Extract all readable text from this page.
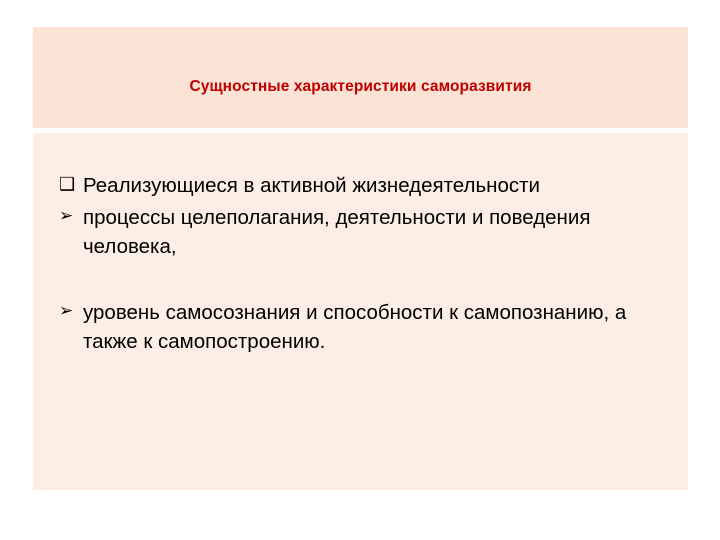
Сущностные характеристики саморазвития
❑ Реализующиеся в активной жизнедеятельности
➢ процессы целеполагания, деятельности и поведения человека,
➢ уровень самосознания и способности к самопознанию, а также к самопостроению.
